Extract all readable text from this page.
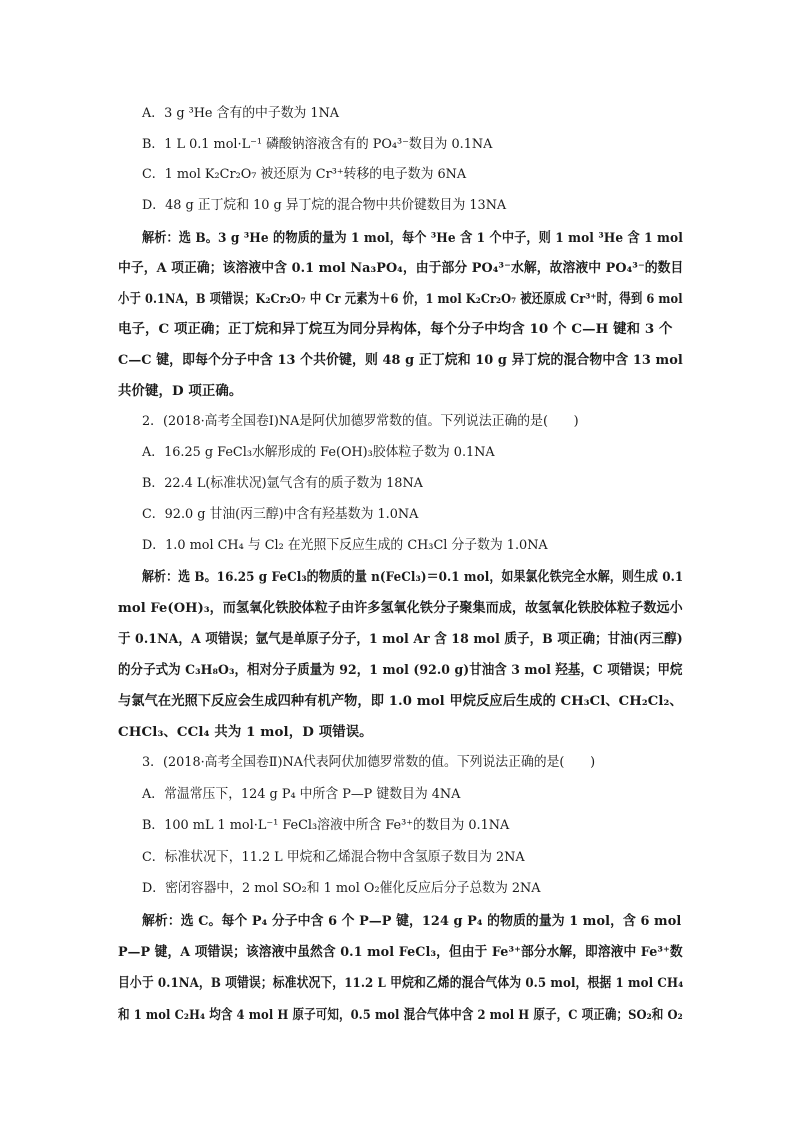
A．3 g ³He 含有的中子数为 1NA

B．1 L 0.1 mol·L⁻¹ 磷酸钠溶液含有的 PO₄³⁻数目为 0.1NA

C．1 mol K₂Cr₂O₇ 被还原为 Cr³⁺转移的电子数为 6NA

D．48 g 正丁烷和 10 g 异丁烷的混合物中共价键数目为 13NA

解析：选 B。3 g ³He 的物质的量为 1 mol，每个 ³He 含 1 个中子，则 1 mol ³He 含 1 mol

中子，A 项正确；该溶液中含 0.1 mol Na₃PO₄，由于部分 PO₄³⁻水解，故溶液中 PO₄³⁻的数目

小于 0.1NA，B 项错误；K₂Cr₂O₇ 中 Cr 元素为＋6 价，1 mol K₂Cr₂O₇ 被还原成 Cr³⁺时，得到 6 mol

电子，C 项正确；正丁烷和异丁烷互为同分异构体，每个分子中均含 10 个 C—H 键和 3 个

C—C 键，即每个分子中含 13 个共价键，则 48 g 正丁烷和 10 g 异丁烷的混合物中含 13 mol

共价键，D 项正确。

2．(2018·高考全国卷Ⅰ)NA是阿伏加德罗常数的值。下列说法正确的是(　　)

A．16.25 g FeCl₃水解形成的 Fe(OH)₃胶体粒子数为 0.1NA

B．22.4 L(标准状况)氩气含有的质子数为 18NA

C．92.0 g 甘油(丙三醇)中含有羟基数为 1.0NA

D．1.0 mol CH₄ 与 Cl₂ 在光照下反应生成的 CH₃Cl 分子数为 1.0NA

解析：选 B。16.25 g FeCl₃的物质的量 n(FeCl₃)＝0.1 mol，如果氯化铁完全水解，则生成 0.1

mol Fe(OH)₃，而氢氧化铁胶体粒子由许多氢氧化铁分子聚集而成，故氢氧化铁胶体粒子数远小

于 0.1NA，A 项错误；氩气是单原子分子，1 mol Ar 含 18 mol 质子，B 项正确；甘油(丙三醇)

的分子式为 C₃H₈O₃，相对分子质量为 92，1 mol (92.0 g)甘油含 3 mol 羟基，C 项错误；甲烷

与氯气在光照下反应会生成四种有机产物，即 1.0 mol 甲烷反应后生成的 CH₃Cl、CH₂Cl₂、

CHCl₃、CCl₄ 共为 1 mol，D 项错误。

3．(2018·高考全国卷Ⅱ)NA代表阿伏加德罗常数的值。下列说法正确的是(　　)

A．常温常压下，124 g P₄ 中所含 P—P 键数目为 4NA

B．100 mL 1 mol·L⁻¹ FeCl₃溶液中所含 Fe³⁺的数目为 0.1NA

C．标准状况下，11.2 L 甲烷和乙烯混合物中含氢原子数目为 2NA

D．密闭容器中，2 mol SO₂和 1 mol O₂催化反应后分子总数为 2NA

解析：选 C。每个 P₄ 分子中含 6 个 P—P 键，124 g P₄ 的物质的量为 1 mol，含 6 mol

P—P 键，A 项错误；该溶液中虽然含 0.1 mol FeCl₃，但由于 Fe³⁺部分水解，即溶液中 Fe³⁺数

目小于 0.1NA，B 项错误；标准状况下，11.2 L 甲烷和乙烯的混合气体为 0.5 mol，根据 1 mol CH₄

和 1 mol C₂H₄ 均含 4 mol H 原子可知，0.5 mol 混合气体中含 2 mol H 原子，C 项正确；SO₂和 O₂
